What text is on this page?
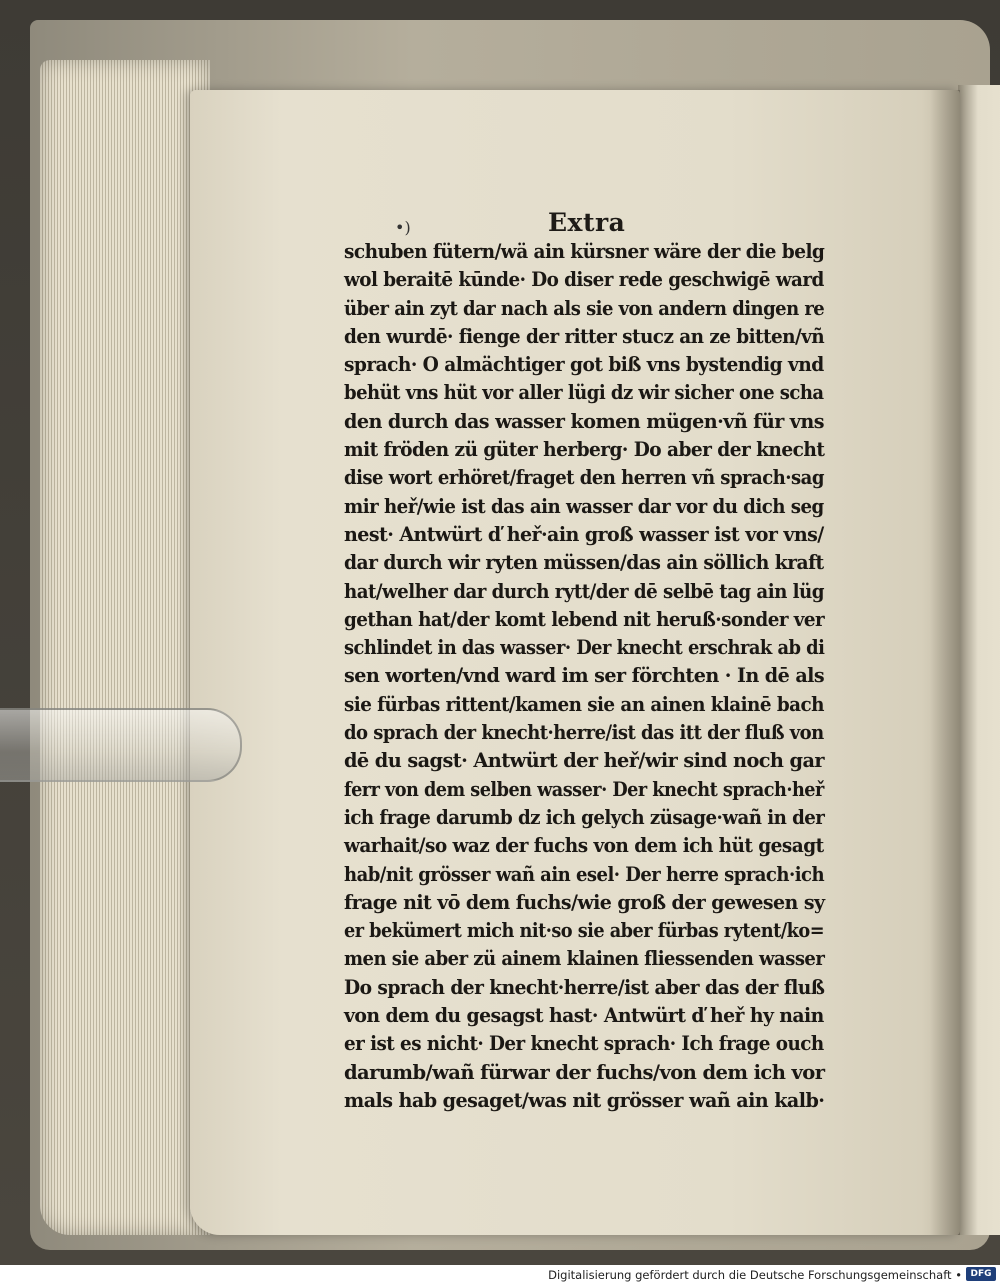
•)	Extra
schuben fütern/wä ain kürsner wäre der die belg
wol beraitē kūnde· Do diser rede geschwigē ward
über ain zyt dar nach als sie von andern dingen re
den wurdē· fienge der ritter stucz an ze bitten/vñ
sprach· O almächtiger got biß vns bystendig vnd
behüt vns hüt vor aller lügi dz wir sicher one scha
den durch das wasser komen mügen·vñ für vns
mit fröden zü güter herberg· Do aber der knecht
dise wort erhöret/fraget den herren vñ sprach·sag
mir heř/wie ist das ain wasser dar vor du dich seg
nest· Antwürt ď heř·ain groß wasser ist vor vns/
dar durch wir ryten müssen/das ain söllich kraft
hat/welher dar durch rytt/der dē selbē tag ain lüg
gethan hat/der komt lebend nit heruß·sonder ver
schlindet in das wasser· Der knecht erschrak ab di
sen worten/vnd ward im ser förchten · In dē als
sie fürbas rittent/kamen sie an ainen klainē bach
do sprach der knecht·herre/ist das itt der fluß von
dē du sagst· Antwürt der heř/wir sind noch gar
ferr von dem selben wasser· Der knecht sprach·heř
ich frage darumb dz ich gelych züsage·wañ in der
warhait/so waz der fuchs von dem ich hüt gesagt
hab/nit grösser wañ ain esel· Der herre sprach·ich
frage nit vō dem fuchs/wie groß der gewesen sy
er bekümert mich nit·so sie aber fürbas rytent/ko=
men sie aber zü ainem klainen fliessenden wasser
Do sprach der knecht·herre/ist aber das der fluß
von dem du gesagst hast· Antwürt ď heř hy nain
er ist es nicht· Der knecht sprach· Ich frage ouch
darumb/wañ fürwar der fuchs/von dem ich vor
mals hab gesaget/was nit grösser wañ ain kalb·
Digitalisierung gefördert durch die Deutsche Forschungsgemeinschaft • DFG
